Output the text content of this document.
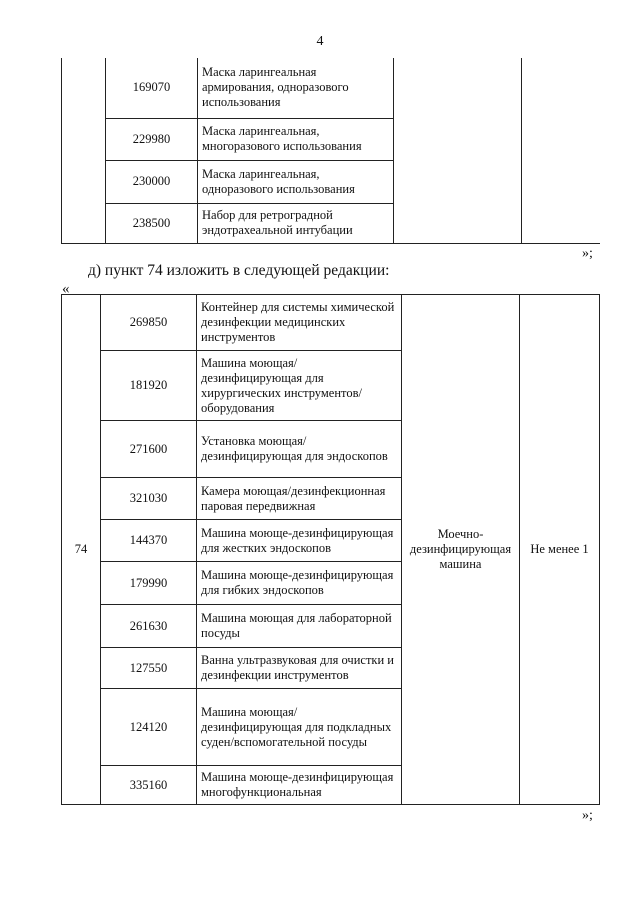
4
	169070	Маска ларингеальная армирования, одноразового использования		
	229980	Маска ларингеальная, многоразового использования		
	230000	Маска ларингеальная, одноразового использования		
	238500	Набор для ретроградной эндотрахеальной интубации		
»;
д) пункт 74 изложить в следующей редакции:
«
74	269850	Контейнер для системы химической дезинфекции медицинских инструментов	Моечно-дезинфицирующая машина	Не менее 1
	181920	Машина моющая/дезинфицирующая для хирургических инструментов/оборудования		
	271600	Установка моющая/дезинфицирующая для эндоскопов		
	321030	Камера моющая/дезинфекционная паровая передвижная		
	144370	Машина моюще-дезинфицирующая для жестких эндоскопов		
	179990	Машина моюще-дезинфицирующая для гибких эндоскопов		
	261630	Машина моющая для лабораторной посуды		
	127550	Ванна ультразвуковая для очистки и дезинфекции инструментов		
	124120	Машина моющая/дезинфицирующая для подкладных суден/вспомогательной посуды		
	335160	Машина моюще-дезинфицирующая многофункциональная		
»;
